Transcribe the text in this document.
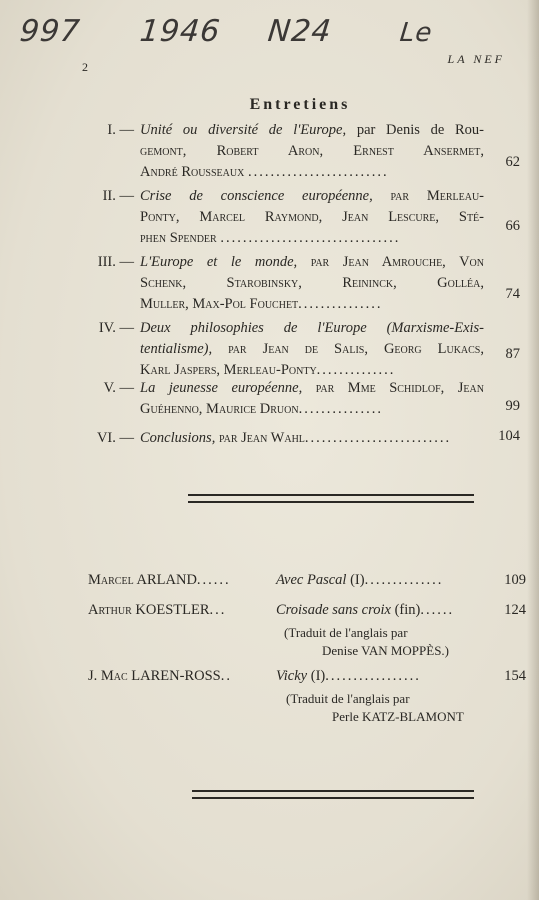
997 1946 N24 Le
2
LA NEF
Entretiens
I. — Unité ou diversité de l'Europe, par Denis de Rou-
gemont, Robert Aron, Ernest Ansermet,
André Rousseaux .........................
62
II. — Crise de conscience européenne, par Merleau-
Ponty, Marcel Raymond, Jean Lescure, Sté-
phen Spender ................................
66
III. — L'Europe et le monde, par Jean Amrouche, Von
Schenk, Starobinsky, Reininck, Golléa,
Muller, Max-Pol Fouchet...............
74
IV. — Deux philosophies de l'Europe (Marxisme-Exis-
tentialisme), par Jean de Salis, Georg Lukacs,
Karl Jaspers, Merleau-Ponty..............
87
V. — La jeunesse européenne, par Mme Schidlof, Jean
Guéhenno, Maurice Druon...............	99
VI. — Conclusions, par Jean Wahl..........................	104
Marcel ARLAND......	Avec Pascal (I)..............	109
Arthur KOESTLER...	Croisade sans croix (fin)......	124
(Traduit de l'anglais par
Denise VAN MOPPÈS.)
J. Mac LAREN-ROSS..	Vicky (I).................	154
(Traduit de l'anglais par
Perle KATZ-BLAMONT
